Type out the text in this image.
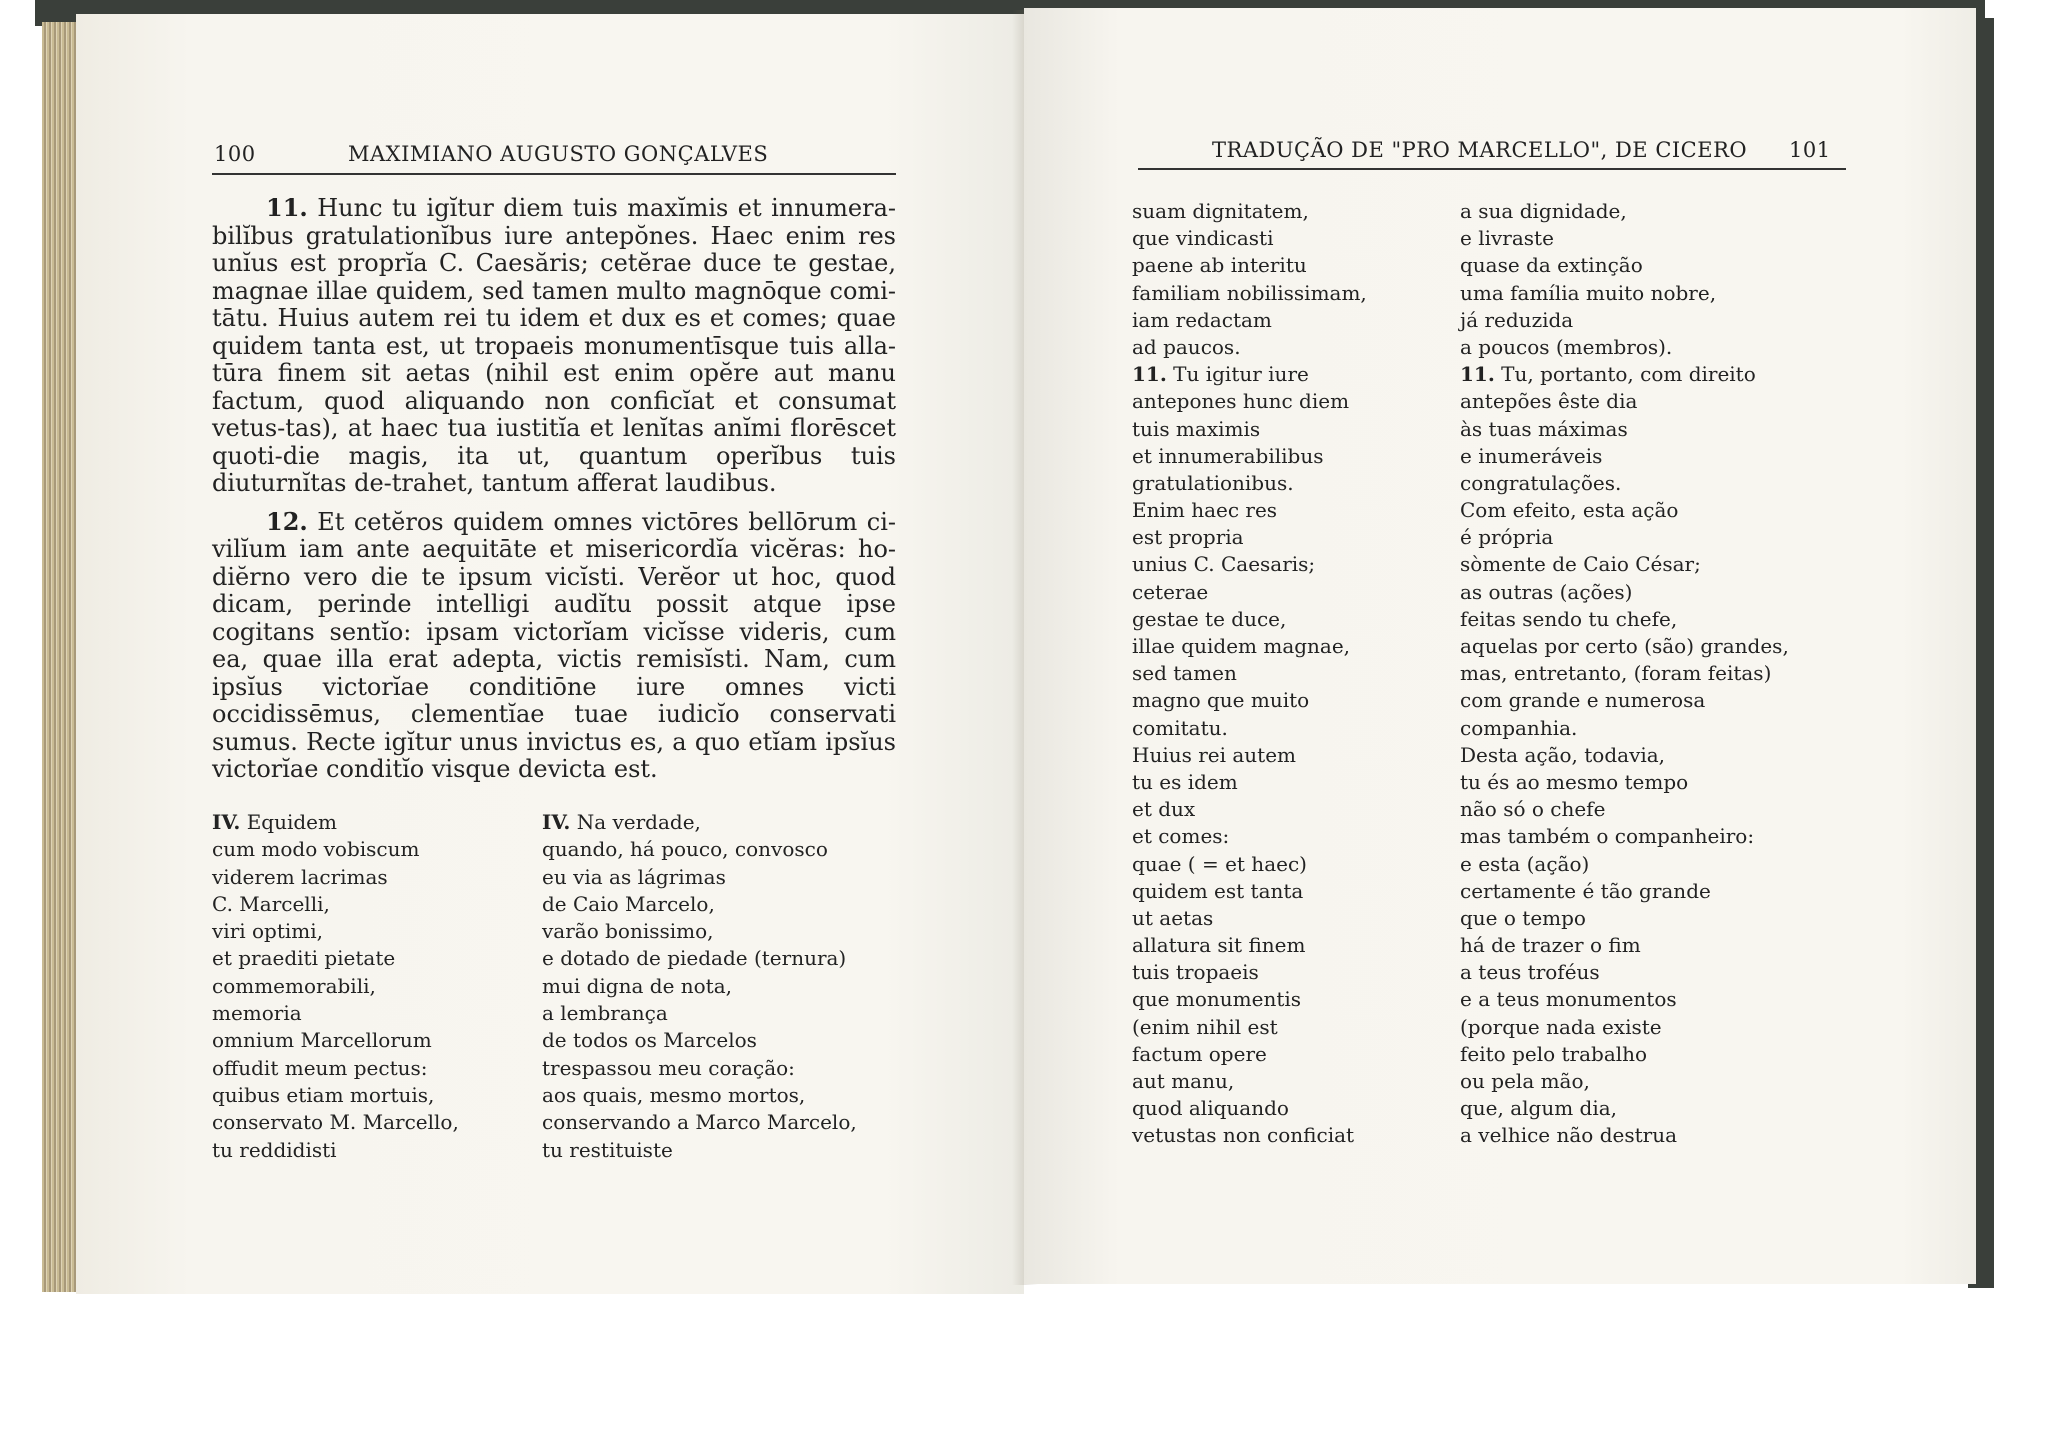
100	MAXIMIANO AUGUSTO GONÇALVES

11. Hunc tu igĭtur diem tuis maxĭmis et innumera-bilĭbus gratulationĭbus iure antepŏnes. Haec enim res unĭus est proprĭa C. Caesăris; cetĕrae duce te gestae, magnae illae quidem, sed tamen multo magnōque comi-tātu. Huius autem rei tu idem et dux es et comes; quae quidem tanta est, ut tropaeis monumentīsque tuis alla-tūra finem sit aetas (nihil est enim opĕre aut manu factum, quod aliquando non conficĭat et consumat vetus-tas), at haec tua iustitĭa et lenĭtas anĭmi florēscet quoti-die magis, ita ut, quantum operĭbus tuis diuturnĭtas de-trahet, tantum afferat laudibus.

12. Et cetĕros quidem omnes victōres bellōrum ci-vilĭum iam ante aequitāte et misericordĭa vicĕras: ho-diĕrno vero die te ipsum vicĭsti. Verĕor ut hoc, quod dicam, perinde intelligi audĭtu possit atque ipse cogitans sentĭo: ipsam victorĭam vicĭsse videris, cum ea, quae illa erat adepta, victis remisĭsti. Nam, cum ipsĭus victorĭae conditiōne iure omnes victi occidissēmus, clementĭae tuae iudicĭo conservati sumus. Recte igĭtur unus invictus es, a quo etĭam ipsĭus victorĭae conditĭo visque devicta est.

IV. Equidem
cum modo vobiscum
viderem lacrimas
C. Marcelli,
viri optimi,
et praediti pietate
commemorabili,
memoria
omnium Marcellorum
offudit meum pectus:
quibus etiam mortuis,
conservato M. Marcello,
tu reddidisti
IV. Na verdade,
quando, há pouco, convosco
eu via as lágrimas
de Caio Marcelo,
varão bonissimo,
e dotado de piedade (ternura)
mui digna de nota,
a lembrança
de todos os Marcelos
trespassou meu coração:
aos quais, mesmo mortos,
conservando a Marco Marcelo,
tu restituiste
TRADUÇÃO DE "PRO MARCELLO", DE CICERO 101
suam dignitatem,
que vindicasti
paene ab interitu
familiam nobilissimam,
iam redactam
ad paucos.
11. Tu igitur iure
antepones hunc diem
tuis maximis
et innumerabilibus
gratulationibus.
Enim haec res
est propria
unius C. Caesaris;
ceterae
gestae te duce,
illae quidem magnae,
sed tamen
magno que muito
comitatu.
Huius rei autem
tu es idem
et dux
et comes:
quae ( = et haec)
quidem est tanta
ut aetas
allatura sit finem
tuis tropaeis
que monumentis
(enim nihil est
factum opere
aut manu,
quod aliquando
vetustas non conficiat
a sua dignidade,
e livraste
quase da extinção
uma família muito nobre,
já reduzida
a poucos (membros).
11. Tu, portanto, com direito
antepões êste dia
às tuas máximas
e inumeráveis
congratulações.
Com efeito, esta ação
é própria
sòmente de Caio César;
as outras (ações)
feitas sendo tu chefe,
aquelas por certo (são) grandes,
mas, entretanto, (foram feitas)
com grande e numerosa
companhia.
Desta ação, todavia,
tu és ao mesmo tempo
não só o chefe
mas também o companheiro:
e esta (ação)
certamente é tão grande
que o tempo
há de trazer o fim
a teus troféus
e a teus monumentos
(porque nada existe
feito pelo trabalho
ou pela mão,
que, algum dia,
a velhice não destrua
